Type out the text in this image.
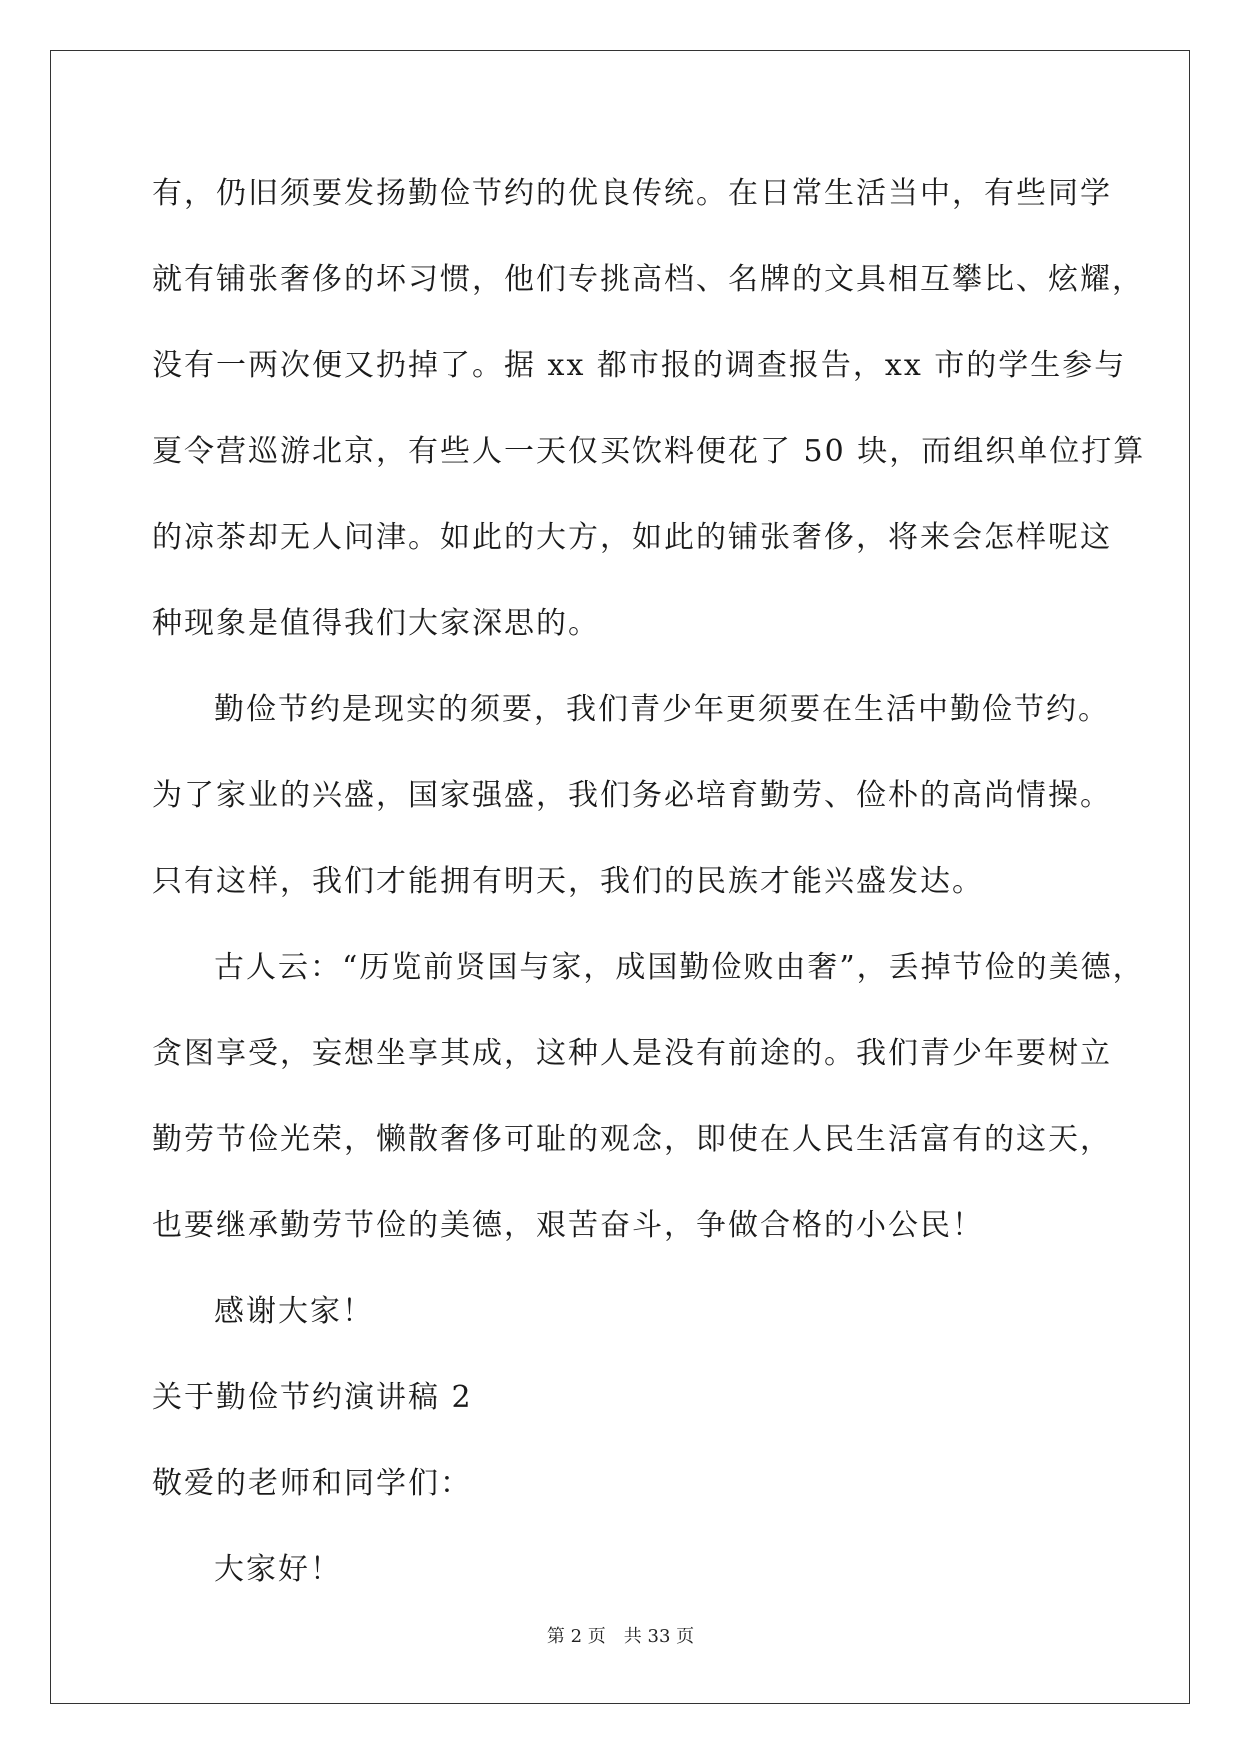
有，仍旧须要发扬勤俭节约的优良传统。在日常生活当中，有些同学
就有铺张奢侈的坏习惯，他们专挑高档、名牌的文具相互攀比、炫耀，
没有一两次便又扔掉了。据 xx 都市报的调查报告，xx 市的学生参与
夏令营巡游北京，有些人一天仅买饮料便花了 50 块，而组织单位打算
的凉茶却无人问津。如此的大方，如此的铺张奢侈，将来会怎样呢这
种现象是值得我们大家深思的。
勤俭节约是现实的须要，我们青少年更须要在生活中勤俭节约。
为了家业的兴盛，国家强盛，我们务必培育勤劳、俭朴的高尚情操。
只有这样，我们才能拥有明天，我们的民族才能兴盛发达。
古人云：“历览前贤国与家，成国勤俭败由奢”，丢掉节俭的美德，
贪图享受，妄想坐享其成，这种人是没有前途的。我们青少年要树立
勤劳节俭光荣，懒散奢侈可耻的观念，即使在人民生活富有的这天，
也要继承勤劳节俭的美德，艰苦奋斗，争做合格的小公民！
感谢大家！
关于勤俭节约演讲稿 2
敬爱的老师和同学们：
大家好！
第 2 页 共 33 页
